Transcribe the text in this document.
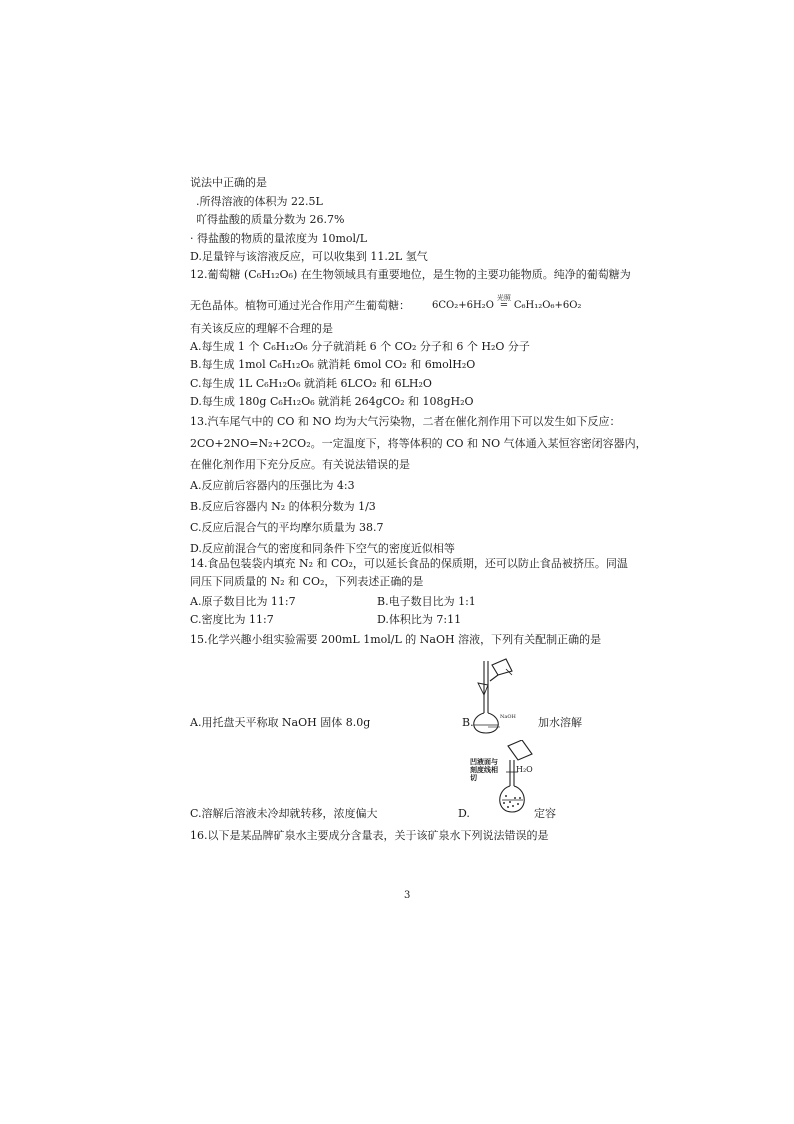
说法中正确的是
.所得溶液的体积为 22.5L
吖得盐酸的质量分数为 26.7%
· 得盐酸的物质的量浓度为 10mol/L
D.足量锌与该溶液反应，可以收集到 11.2L 氢气
12.葡萄糖 (C₆H₁₂O₆) 在生物领域具有重要地位，是生物的主要功能物质。纯净的葡萄糖为
无色晶体。植物可通过光合作用产生葡萄糖： 6CO₂+6H₂O
光照
= C₆H₁₂O₆+6O₂
有关该反应的理解不合理的是
A.每生成 1 个 C₆H₁₂O₆ 分子就消耗 6 个 CO₂ 分子和 6 个 H₂O 分子
B.每生成 1mol C₆H₁₂O₆ 就消耗 6mol CO₂ 和 6molH₂O
C.每生成 1L C₆H₁₂O₆ 就消耗 6LCO₂ 和 6LH₂O
D.每生成 180g C₆H₁₂O₆ 就消耗 264gCO₂ 和 108gH₂O
13.汽车尾气中的 CO 和 NO 均为大气污染物，二者在催化剂作用下可以发生如下反应：
2CO+2NO=N₂+2CO₂。一定温度下，将等体积的 CO 和 NO 气体通入某恒容密闭容器内，
在催化剂作用下充分反应。有关说法错误的是
A.反应前后容器内的压强比为 4:3
B.反应后容器内 N₂ 的体积分数为 1/3
C.反应后混合气的平均摩尔质量为 38.7
D.反应前混合气的密度和同条件下空气的密度近似相等
14.食品包装袋内填充 N₂ 和 CO₂，可以延长食品的保质期，还可以防止食品被挤压。同温
同压下同质量的 N₂ 和 CO₂，下列表述正确的是
A.原子数目比为 11:7	B.电子数目比为 1:1
C.密度比为 11:7	D.体积比为 7:11
15.化学兴趣小组实验需要 200mL 1mol/L 的 NaOH 溶液，下列有关配制正确的是
NaOH
A.用托盘天平称取 NaOH 固体 8.0g	B.	加水溶解
凹液面与刻度线相切
H₂O
C.溶解后溶液未冷却就转移，浓度偏大	D.	定容
16.以下是某品牌矿泉水主要成分含量表，关于该矿泉水下列说法错误的是
3
